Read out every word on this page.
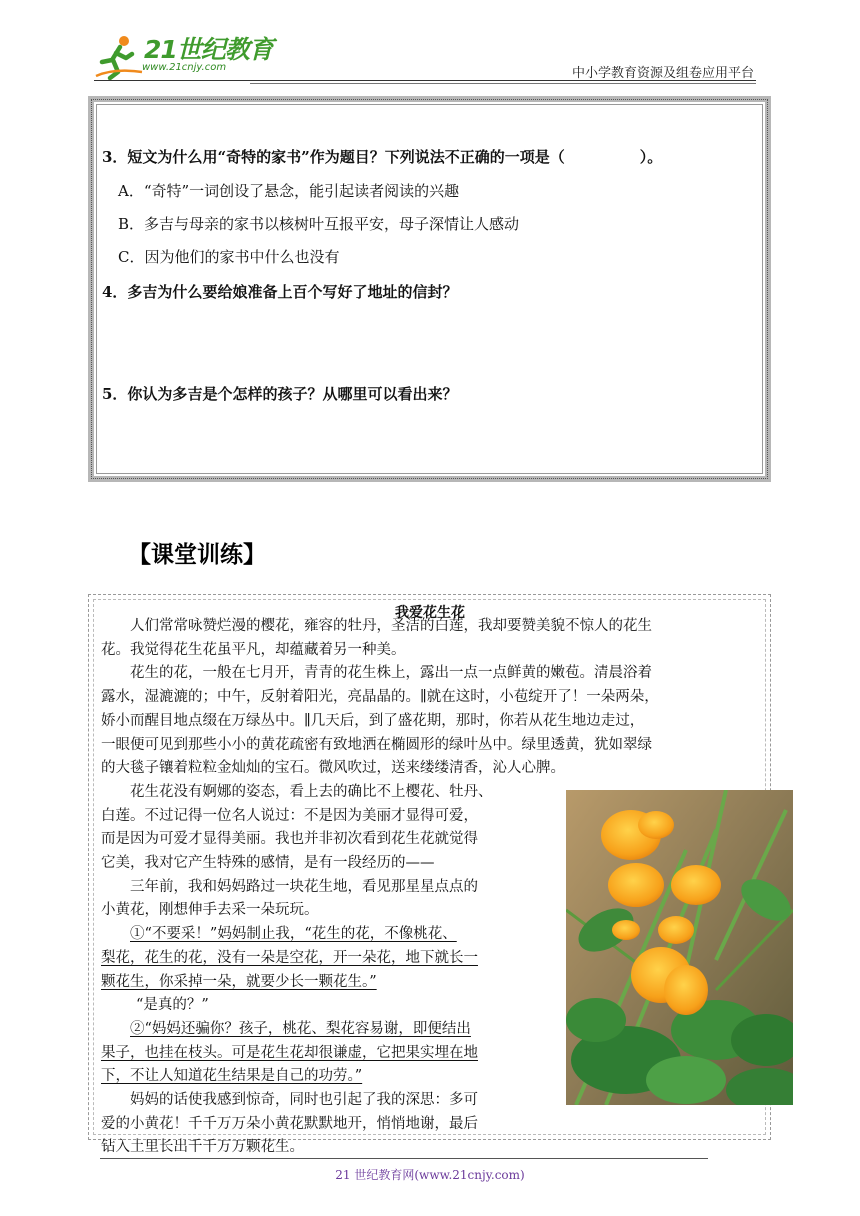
21世纪教育
www.21cnjy.com	中小学教育资源及组卷应用平台
3．短文为什么用“奇特的家书”作为题目？下列说法不正确的一项是（　　　　　）。
A．“奇特”一词创设了悬念，能引起读者阅读的兴趣
B．多吉与母亲的家书以核树叶互报平安，母子深情让人感动
C．因为他们的家书中什么也没有
4．多吉为什么要给娘准备上百个写好了地址的信封？
5．你认为多吉是个怎样的孩子？从哪里可以看出来？
【课堂训练】
我爱花生花
人们常常咏赞烂漫的樱花，雍容的牡丹，圣洁的白莲，我却要赞美貌不惊人的花生
花。我觉得花生花虽平凡，却蕴藏着另一种美。
花生的花，一般在七月开，青青的花生株上，露出一点一点鲜黄的嫩苞。清晨浴着
露水，湿漉漉的；中午，反射着阳光，亮晶晶的。∥就在这时，小苞绽开了！一朵两朵，
娇小而醒目地点缀在万绿丛中。∥几天后，到了盛花期，那时，你若从花生地边走过，
一眼便可见到那些小小的黄花疏密有致地洒在椭圆形的绿叶丛中。绿里透黄，犹如翠绿
的大毯子镶着粒粒金灿灿的宝石。微风吹过，送来缕缕清香，沁人心脾。
花生花没有婀娜的姿态，看上去的确比不上樱花、牡丹、
白莲。不过记得一位名人说过：不是因为美丽才显得可爱，
而是因为可爱才显得美丽。我也并非初次看到花生花就觉得
它美，我对它产生特殊的感情，是有一段经历的——
三年前，我和妈妈路过一块花生地，看见那星星点点的
小黄花，刚想伸手去采一朵玩玩。
①“不要采！”妈妈制止我，“花生的花，不像桃花、
梨花，花生的花，没有一朵是空花，开一朵花，地下就长一
颗花生，你采掉一朵，就要少长一颗花生。”
“是真的？”
②“妈妈还骗你？孩子，桃花、梨花容易谢，即便结出
果子，也挂在枝头。可是花生花却很谦虚，它把果实埋在地
下，不让人知道花生结果是自己的功劳。”
妈妈的话使我感到惊奇，同时也引起了我的深思：多可
爱的小黄花！千千万万朵小黄花默默地开，悄悄地谢，最后
21 世纪教育网(www.21cnjy.com)
钻入土里长出千千万万颗花生。
